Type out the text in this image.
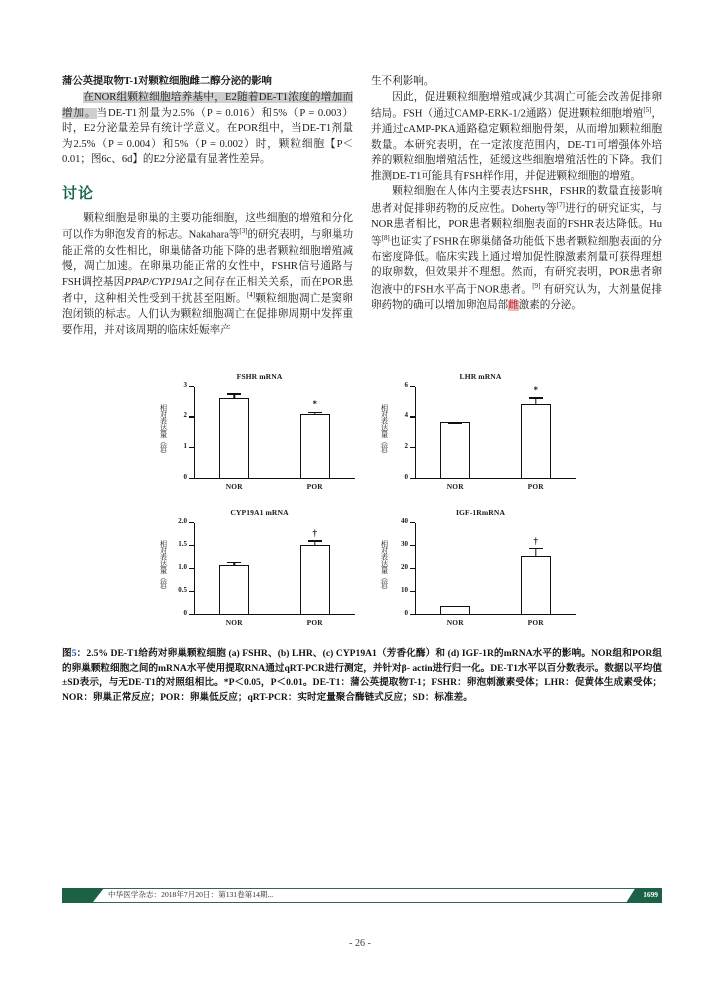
蒲公英提取物T-1对颗粒细胞雌二醇分泌的影响

在NOR组颗粒细胞培养基中，E2随着DE-T1浓度的增加而增加。当DE-T1剂量为2.5%（P = 0.016）和5%（P = 0.003）时，E2分泌量差异有统计学意义。在POR组中，当DE-T1剂量为2.5%（P = 0.004）和5%（P = 0.002）时，颗粒细胞【P＜0.01；图6c、6d】的E2分泌量有显著性差异。

讨论

颗粒细胞是卵巢的主要功能细胞，这些细胞的增殖和分化可以作为卵泡发育的标志。Nakahara等[3]的研究表明，与卵巢功能正常的女性相比，卵巢储备功能下降的患者颗粒细胞增殖减慢，凋亡加速。在卵巢功能正常的女性中，FSHR信号通路与FSH调控基因PPAP/CYP19A1之间存在正相关关系，而在POR患者中，这种相关性受到干扰甚至阻断。[4]颗粒细胞凋亡是窦卵泡闭锁的标志。人们认为颗粒细胞凋亡在促排卵周期中发挥重要作用，并对该周期的临床妊娠率产

生不利影响。

因此，促进颗粒细胞增殖或减少其凋亡可能会改善促排卵结局。FSH（通过CAMP-ERK-1/2通路）促进颗粒细胞增殖[5]，并通过cAMP-PKA通路稳定颗粒细胞骨架，从而增加颗粒细胞数量。本研究表明，在一定浓度范围内，DE-T1可增强体外培养的颗粒细胞增殖活性，延缓这些细胞增殖活性的下降。我们推测DE-T1可能具有FSH样作用，并促进颗粒细胞的增殖。

颗粒细胞在人体内主要表达FSHR，FSHR的数量直接影响患者对促排卵药物的反应性。Doherty等[7]进行的研究证实，与NOR患者相比，POR患者颗粒细胞表面的FSHR表达降低。Hu等[8]也证实了FSHR在卵巢储备功能低下患者颗粒细胞表面的分布密度降低。临床实践上通过增加促性腺激素剂量可获得理想的取卵数，但效果并不理想。然而，有研究表明，POR患者卵泡液中的FSH水平高于NOR患者。[9] 有研究认为，大剂量促排卵药物的确可以增加卵泡局部雌激素的分泌。

FSHR mRNA
相对表达量（倍）
0
1
2
3
*
NOR	POR
LHR mRNA
相对表达量（倍）
0
2
4
6
*
NOR	POR
CYP19A1 mRNA
相对表达量（倍）
0
0.5
1.0
1.5
2.0
†
NOR	POR
IGF-1RmRNA
相对表达量（倍）
0
10
20
30
40
†
NOR	POR
图5：2.5% DE-T1给药对卵巢颗粒细胞 (a) FSHR、(b) LHR、(c) CYP19A1（芳香化酶）和 (d) IGF-1R的mRNA水平的影响。NOR组和POR组的卵巢颗粒细胞之间的mRNA水平使用提取RNA通过qRT-PCR进行测定，并针对β- actin进行归一化。DE-T1水平以百分数表示。数据以平均值±SD表示，与无DE-T1的对照组相比。*P＜0.05，P＜0.01。DE-T1：蒲公英提取物T-1；FSHR：卵泡刺激素受体；LHR：促黄体生成素受体；NOR：卵巢正常反应；POR：卵巢低反应；qRT-PCR：实时定量聚合酶链式反应；SD：标准差。
中华医学杂志：2018年7月20日：第131卷第14期...	1699
- 26 -
